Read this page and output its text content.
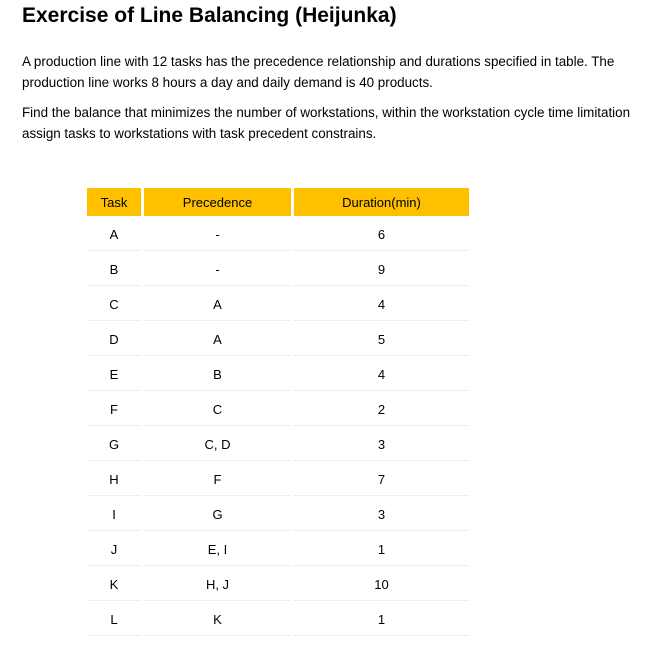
Exercise of Line Balancing (Heijunka)

A production line with 12 tasks has the precedence relationship and durations specified in table. The production line works 8 hours a day and daily demand is 40 products.

Find the balance that minimizes the number of workstations, within the workstation cycle time limitation assign tasks to workstations with task precedent constrains.

Task	Precedence	Duration(min)
A	-	6
B	-	9
C	A	4
D	A	5
E	B	4
F	C	2
G	C, D	3
H	F	7
I	G	3
J	E, I	1
K	H, J	10
L	K	1
